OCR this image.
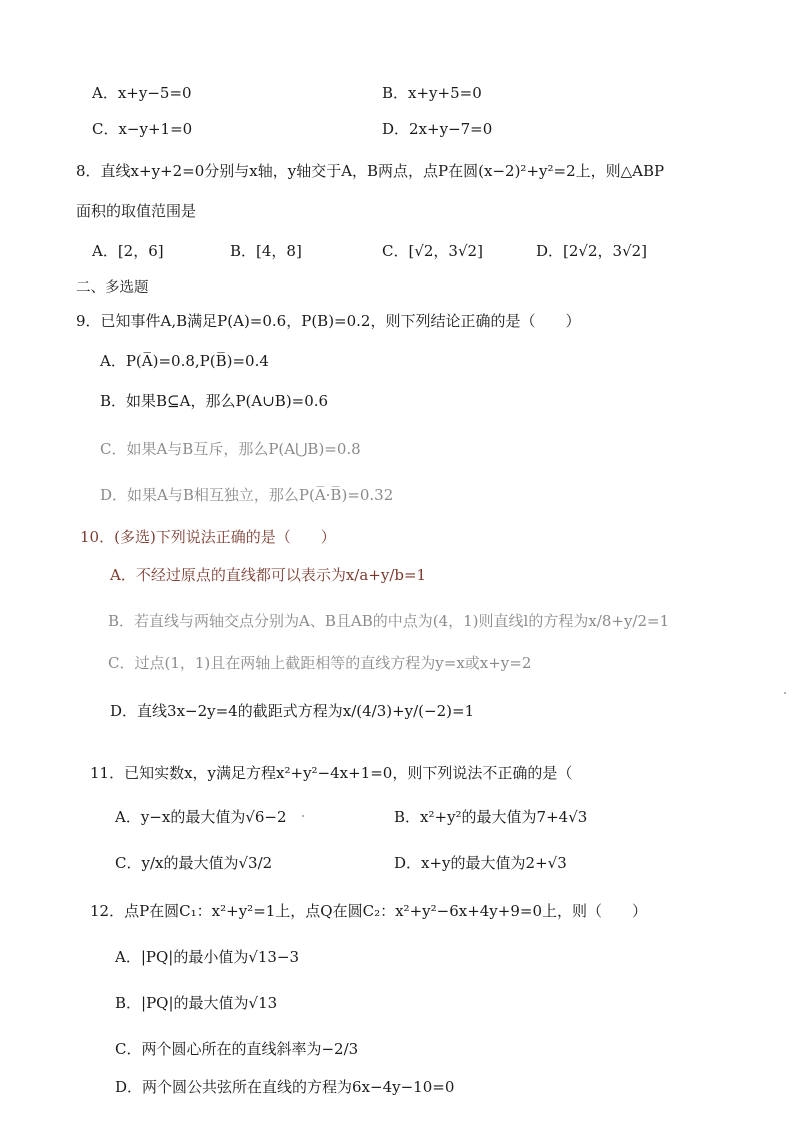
A．x+y−5=0	B．x+y+5=0
C．x−y+1=0	D．2x+y−7=0
8．直线x+y+2=0分别与x轴，y轴交于A，B两点，点P在圆(x−2)²+y²=2上，则△ABP
面积的取值范围是
A．[2，6]	B．[4，8]	C．[√2，3√2]	D．[2√2，3√2]
二、多选题
9．已知事件A,B满足P(A)=0.6，P(B)=0.2，则下列结论正确的是（　　）
A．P(A̅)=0.8,P(B̅)=0.4
B．如果B⊆A，那么P(A∪B)=0.6
C．如果A与B互斥，那么P(A⋃B)=0.8
D．如果A与B相互独立，那么P(A̅·B̅)=0.32
10．(多选)下列说法正确的是（　　）
A．不经过原点的直线都可以表示为x/a+y/b=1
B．若直线与两轴交点分别为A、B且AB的中点为(4，1)则直线l的方程为x/8+y/2=1
C．过点(1，1)且在两轴上截距相等的直线方程为y=x或x+y=2
D．直线3x−2y=4的截距式方程为x/(4/3)+y/(−2)=1
11．已知实数x，y满足方程x²+y²−4x+1=0，则下列说法不正确的是（
A．y−x的最大值为√6−2	B．x²+y²的最大值为7+4√3
C．y/x的最大值为√3/2	D．x+y的最大值为2+√3
12．点P在圆C₁：x²+y²=1上，点Q在圆C₂：x²+y²−6x+4y+9=0上，则（　　）
A．|PQ|的最小值为√13−3
B．|PQ|的最大值为√13
C．两个圆心所在的直线斜率为−2/3
D．两个圆公共弦所在直线的方程为6x−4y−10=0
